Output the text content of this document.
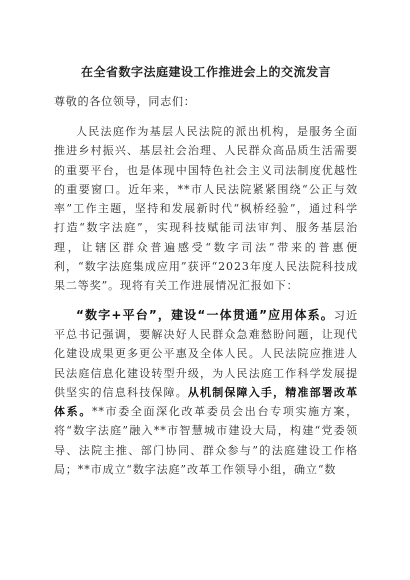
在全省数字法庭建设工作推进会上的交流发言
尊敬的各位领导，同志们：

人民法庭作为基层人民法院的派出机构，是服务全面推进乡村振兴、基层社会治理、人民群众高品质生活需要的重要平台，也是体现中国特色社会主义司法制度优越性的重要窗口。近年来，**市人民法院紧紧围绕“公正与效率”工作主题，坚持和发展新时代“枫桥经验”，通过科学打造“数字法庭”，实现科技赋能司法审判、服务基层治理，让辖区群众普遍感受“数字司法”带来的普惠便利，“数字法庭集成应用”获评“2023年度人民法院科技成果二等奖”。现将有关工作进展情况汇报如下：

“数字+平台”，建设“一体贯通”应用体系。习近平总书记强调，要解决好人民群众急难愁盼问题，让现代化建设成果更多更公平惠及全体人民。人民法院应推进人民法庭信息化建设转型升级，为人民法庭工作科学发展提供坚实的信息科技保障。从机制保障入手，精准部署改革体系。**市委全面深化改革委员会出台专项实施方案，将“数字法庭”融入**市智慧城市建设大局，构建“党委领导、法院主推、部门协同、群众参与”的法庭建设工作格局；**市成立“数字法庭”改革工作领导小组，确立“数
